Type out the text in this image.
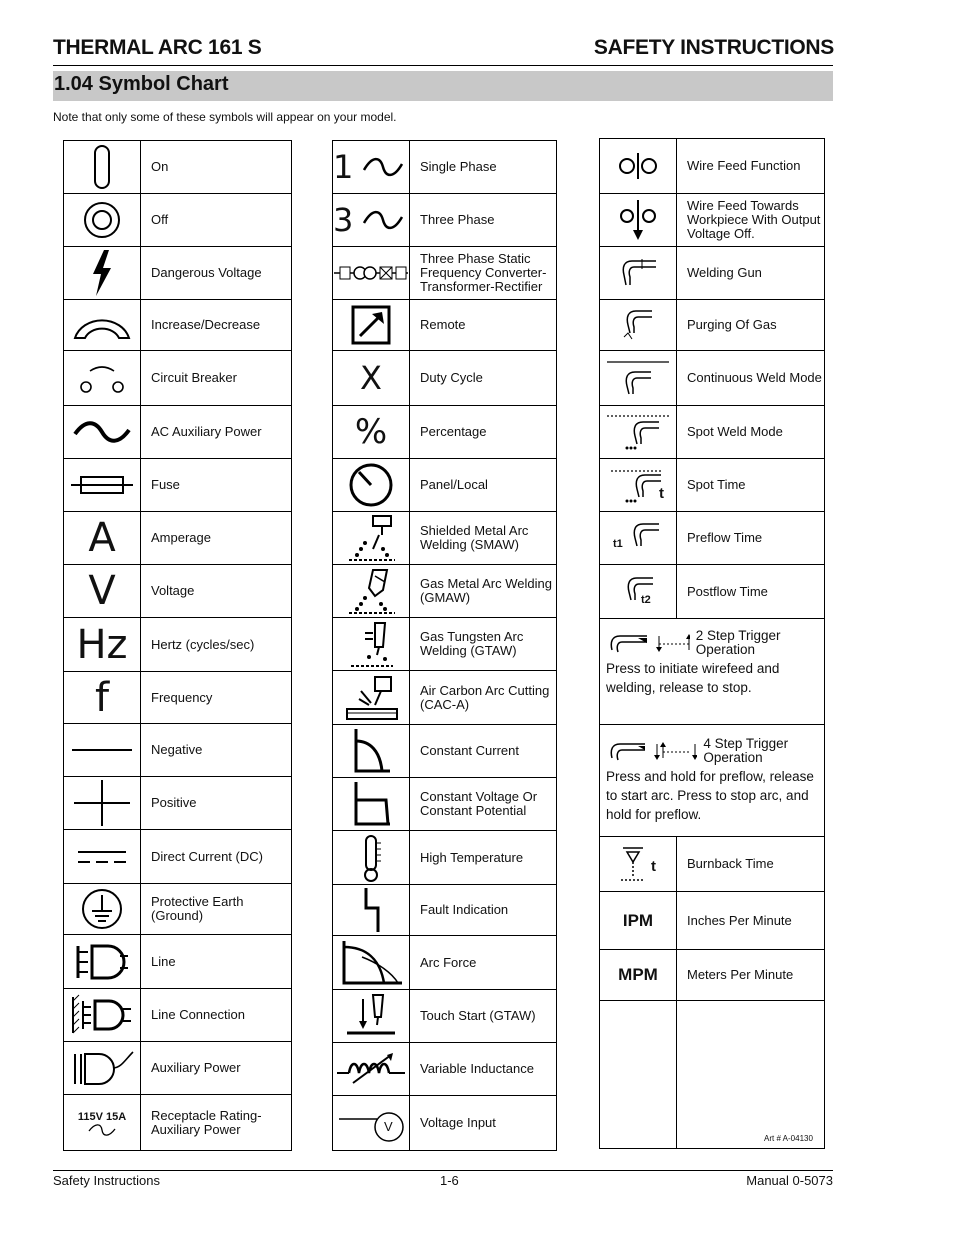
THERMAL ARC 161 S	SAFETY INSTRUCTIONS
1.04 Symbol Chart
Note that only some of these symbols will appear on your model.
	On

	Off

	Dangerous Voltage

	Increase/Decrease

	Circuit Breaker

	AC Auxiliary Power

	Fuse
A	Amperage
V	Voltage
Hz	Hertz (cycles/sec)
f	Frequency

	Negative

	Positive

	Direct Current (DC)

	Protective Earth (Ground)

	Line

	Line Connection

	Auxiliary Power

115V 15A	Receptacle Rating- Auxiliary Power
1	Single Phase

3	Three Phase

	Three Phase Static Frequency Converter- Transformer-Rectifier

	Remote
X	Duty Cycle
%	Percentage

	Panel/Local

	Shielded Metal Arc Welding (SMAW)

	Gas Metal Arc Welding (GMAW)

	Gas Tungsten Arc Welding (GTAW)

	Air Carbon Arc Cutting (CAC-A)

	Constant Current

	Constant Voltage Or Constant Potential

	High Temperature

	Fault Indication

	Arc Force

	Touch Start (GTAW)

	Variable Inductance

V	Voltage Input
	Wire Feed Function

	Wire Feed Towards Workpiece With Output Voltage Off.

	Welding Gun

	Purging Of Gas

	Continuous Weld Mode

	Spot Weld Mode

t	Spot Time

t1	Preflow Time

t2	Postflow Time

2 Step Trigger Operation
Press to initiate wirefeed and welding, release to stop.	

4 Step Trigger Operation
Press and hold for preflow, release to start arc. Press to stop arc, and hold for preflow.	

t	Burnback Time
IPM	Inches Per Minute
MPM	Meters Per Minute

Art # A-04130
Safety Instructions	1-6	Manual 0-5073
